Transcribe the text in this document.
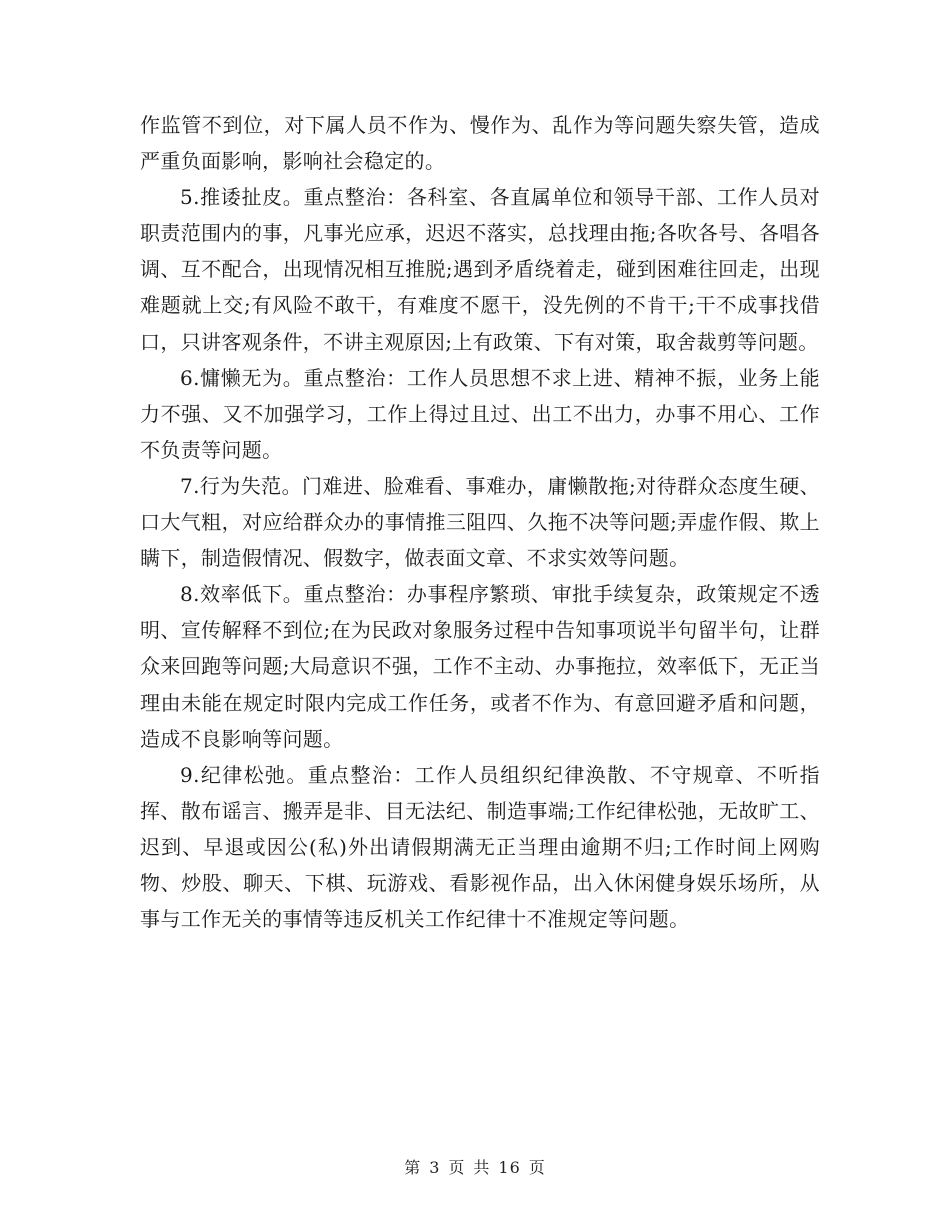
作监管不到位，对下属人员不作为、慢作为、乱作为等问题失察失管，造成严重负面影响，影响社会稳定的。

5.推诿扯皮。重点整治：各科室、各直属单位和领导干部、工作人员对职责范围内的事，凡事光应承，迟迟不落实，总找理由拖;各吹各号、各唱各调、互不配合，出现情况相互推脱;遇到矛盾绕着走，碰到困难往回走，出现难题就上交;有风险不敢干，有难度不愿干，没先例的不肯干;干不成事找借口，只讲客观条件，不讲主观原因;上有政策、下有对策，取舍裁剪等问题。

6.慵懒无为。重点整治：工作人员思想不求上进、精神不振，业务上能力不强、又不加强学习，工作上得过且过、出工不出力，办事不用心、工作不负责等问题。

7.行为失范。门难进、脸难看、事难办，庸懒散拖;对待群众态度生硬、口大气粗，对应给群众办的事情推三阻四、久拖不决等问题;弄虚作假、欺上瞒下，制造假情况、假数字，做表面文章、不求实效等问题。

8.效率低下。重点整治：办事程序繁琐、审批手续复杂，政策规定不透明、宣传解释不到位;在为民政对象服务过程中告知事项说半句留半句，让群众来回跑等问题;大局意识不强，工作不主动、办事拖拉，效率低下，无正当理由未能在规定时限内完成工作任务，或者不作为、有意回避矛盾和问题，造成不良影响等问题。

9.纪律松弛。重点整治：工作人员组织纪律涣散、不守规章、不听指挥、散布谣言、搬弄是非、目无法纪、制造事端;工作纪律松弛，无故旷工、迟到、早退或因公(私)外出请假期满无正当理由逾期不归;工作时间上网购物、炒股、聊天、下棋、玩游戏、看影视作品，出入休闲健身娱乐场所，从事与工作无关的事情等违反机关工作纪律十不准规定等问题。

第 3 页 共 16 页
